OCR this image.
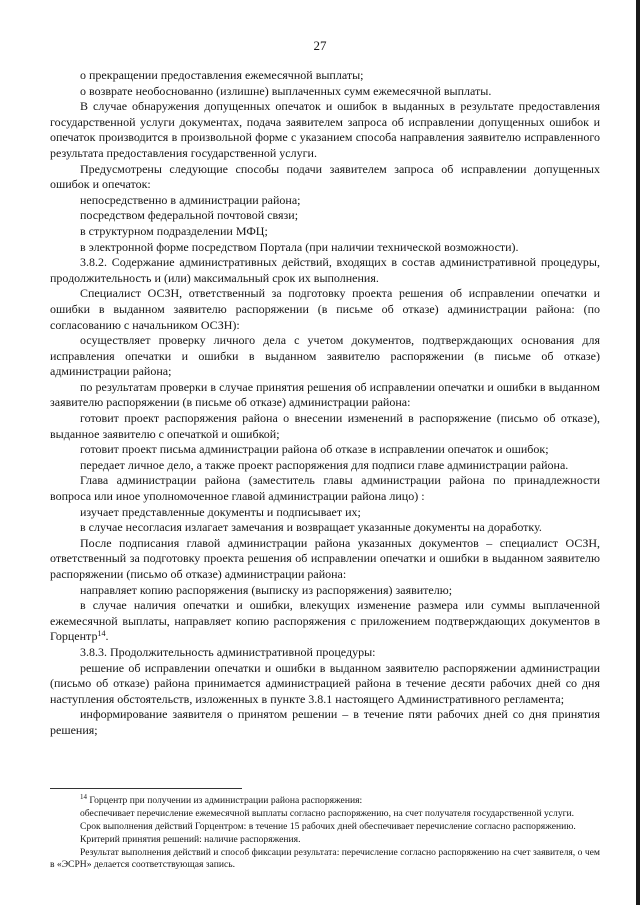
27

о прекращении предоставления ежемесячной выплаты;

о возврате необоснованно (излишне) выплаченных сумм ежемесячной выплаты.

В случае обнаружения допущенных опечаток и ошибок в выданных в результате предоставления государственной услуги документах, подача заявителем запроса об исправлении допущенных ошибок и опечаток производится в произвольной форме с указанием способа направления заявителю исправленного результата предоставления государственной услуги.

Предусмотрены следующие способы подачи заявителем запроса об исправлении допущенных ошибок и опечаток:

непосредственно в администрации района;

посредством федеральной почтовой связи;

в структурном подразделении МФЦ;

в электронной форме посредством Портала (при наличии технической возможности).

3.8.2. Содержание административных действий, входящих в состав административной процедуры, продолжительность и (или) максимальный срок их выполнения.

Специалист ОСЗН, ответственный за подготовку проекта решения об исправлении опечатки и ошибки в выданном заявителю распоряжении (в письме об отказе) администрации района: (по согласованию с начальником ОСЗН):

осуществляет проверку личного дела с учетом документов, подтверждающих основания для исправления опечатки и ошибки в выданном заявителю распоряжении (в письме об отказе) администрации района;

по результатам проверки в случае принятия решения об исправлении опечатки и ошибки в выданном заявителю распоряжении (в письме об отказе) администрации района:

готовит проект распоряжения района о внесении изменений в распоряжение (письмо об отказе), выданное заявителю с опечаткой и ошибкой;

готовит проект письма администрации района об отказе в исправлении опечаток и ошибок;

передает личное дело, а также проект распоряжения для подписи главе администрации района.

Глава администрации района (заместитель главы администрации района по принадлежности вопроса или иное уполномоченное главой администрации района лицо) :

изучает представленные документы и подписывает их;

в случае несогласия излагает замечания и возвращает указанные документы на доработку.

После подписания главой администрации района указанных документов – специалист ОСЗН, ответственный за подготовку проекта решения об исправлении опечатки и ошибки в выданном заявителю распоряжении (письмо об отказе) администрации района:

направляет копию распоряжения (выписку из распоряжения) заявителю;

в случае наличия опечатки и ошибки, влекущих изменение размера или суммы выплаченной ежемесячной выплаты, направляет копию распоряжения с приложением подтверждающих документов в Горцентр$^{14}$.

3.8.3. Продолжительность административной процедуры:

решение об исправлении опечатки и ошибки в выданном заявителю распоряжении администрации (письмо об отказе) района принимается администрацией района в течение десяти рабочих дней со дня наступления обстоятельств, изложенных в пункте 3.8.1 настоящего Административного регламента;

информирование заявителя о принятом решении – в течение пяти рабочих дней со дня принятия решения;

$^{14}$ Горцентр при получении из администрации района распоряжения:

обеспечивает перечисление ежемесячной выплаты согласно распоряжению, на счет получателя государственной услуги.

Срок выполнения действий Горцентром: в течение 15 рабочих дней обеспечивает перечисление согласно распоряжению.

Критерий принятия решений: наличие распоряжения.

Результат выполнения действий и способ фиксации результата: перечисление согласно распоряжению на счет заявителя, о чем в «ЭСРН» делается соответствующая запись.
